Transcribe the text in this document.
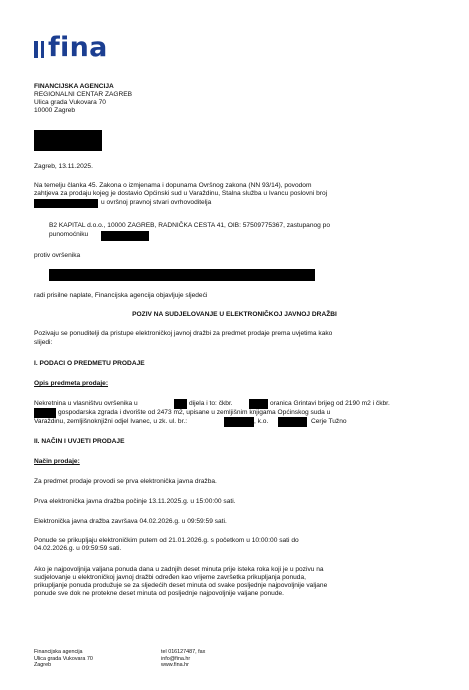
fina
FINANCIJSKA AGENCIJA
REGIONALNI CENTAR ZAGREB
Ulica grada Vukovara 70
10000 Zagreb
Zagreb, 13.11.2025.
Na temelju članka 45. Zakona o izmjenama i dopunama Ovršnog zakona (NN 93/14), povodom
zahtjeva za prodaju kojeg je dostavio Općinski sud u Varaždinu, Stalna služba u Ivancu poslovni broj
u ovršnoj pravnoj stvari ovrhovoditelja
B2 KAPITAL d.o.o., 10000 ZAGREB, RADNIČKA CESTA 41, OIB: 57509775367, zastupanog po
punomoćniku
protiv ovršenika
radi prisilne naplate, Financijska agencija objavljuje sljedeći
POZIV NA SUDJELOVANJE U ELEKTRONIČKOJ JAVNOJ DRAŽBI
Pozivaju se ponuditelji da pristupe elektroničkoj javnoj dražbi za predmet prodaje prema uvjetima kako
slijedi:
I. PODACI O PREDMETU PRODAJE
Opis predmeta prodaje:
Nekretnina u vlasništvu ovršenika u	dijela i to: čkbr.	oranica Grintavi brijeg od 2190 m2 i čkbr.
gospodarska zgrada i dvorište od 2473 m2, upisane u zemljišnim knjigama Općinskog suda u
Varaždinu, zemljišnoknjižni odjel Ivanec, u zk. ul. br.:	, k.o.	Cerje Tužno
II. NAČIN I UVJETI PRODAJE
Način prodaje:
Za predmet prodaje provodi se prva elektronička javna dražba.
Prva elektronička javna dražba počinje 13.11.2025.g. u 15:00:00 sati.
Elektronička javna dražba završava 04.02.2026.g. u 09:59:59 sati.
Ponude se prikupljaju elektroničkim putem od 21.01.2026.g. s početkom u 10:00:00 sati do
04.02.2026.g. u 09:59:59 sati.
Ako je najpovoljnija valjana ponuda dana u zadnjih deset minuta prije isteka roka koji je u pozivu na
sudjelovanje u elektroničkoj javnoj dražbi određen kao vrijeme završetka prikupljanja ponuda,
prikupljanje ponuda produžuje se za sljedećih deset minuta od svake posljednje najpovoljnije valjane
ponude sve dok ne protekne deset minuta od posljednje najpovoljnije valjane ponude.
Financijska agencija
Ulica grada Vukovara 70
Zagreb
tel 016127487, fax
info@fina.hr
www.fina.hr
